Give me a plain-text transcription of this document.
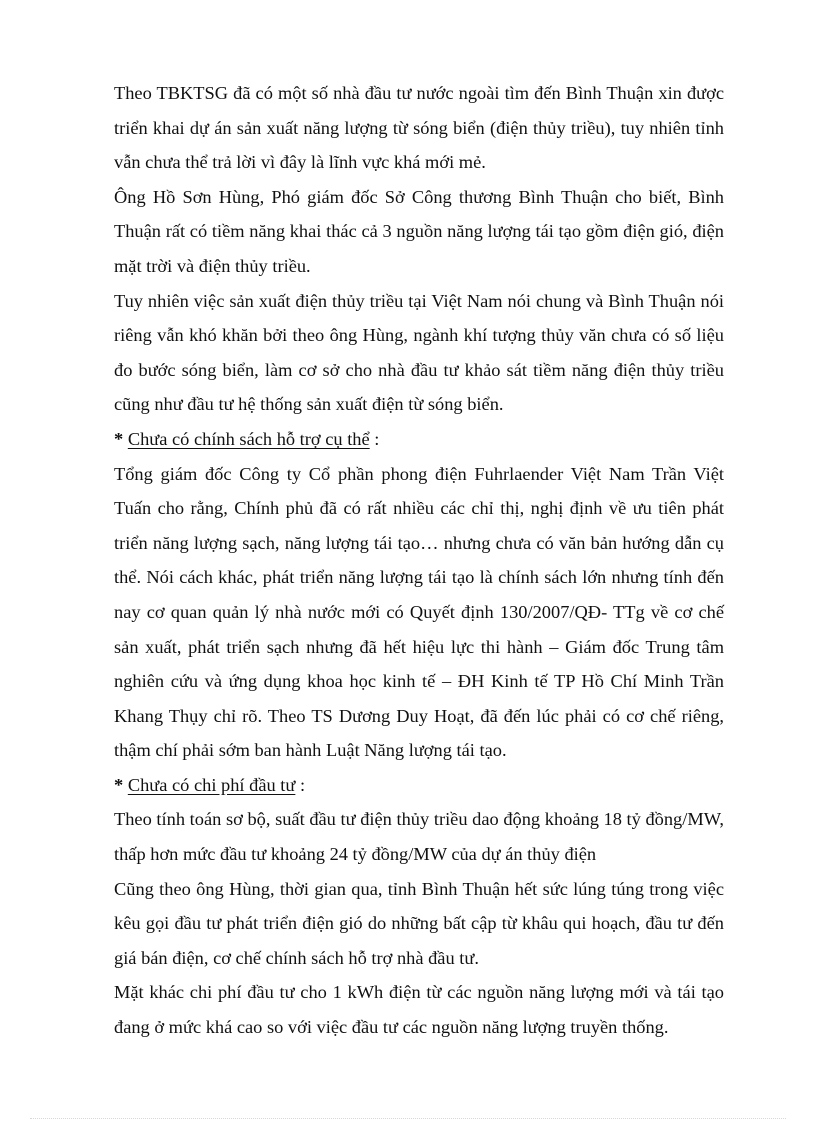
Theo TBKTSG đã có một số nhà đầu tư nước ngoài tìm đến Bình Thuận xin được triển khai dự án sản xuất năng lượng từ sóng biển (điện thủy triều), tuy nhiên tỉnh vẫn chưa thể trả lời vì đây là lĩnh vực khá mới mẻ.

Ông Hồ Sơn Hùng, Phó giám đốc Sở Công thương Bình Thuận cho biết, Bình Thuận rất có tiềm năng khai thác cả 3 nguồn năng lượng tái tạo gồm điện gió, điện mặt trời và điện thủy triều.

Tuy nhiên việc sản xuất điện thủy triều tại Việt Nam nói chung và Bình Thuận nói riêng vẫn khó khăn bởi theo ông Hùng, ngành khí tượng thủy văn chưa có số liệu đo bước sóng biển, làm cơ sở cho nhà đầu tư khảo sát tiềm năng điện thủy triều cũng như đầu tư hệ thống sản xuất điện từ sóng biển.

* Chưa có chính sách hỗ trợ cụ thể :

Tổng giám đốc Công ty Cổ phần phong điện Fuhrlaender Việt Nam Trần Việt Tuấn cho rằng, Chính phủ đã có rất nhiều các chỉ thị, nghị định về ưu tiên phát triển năng lượng sạch, năng lượng tái tạo… nhưng chưa có văn bản hướng dẫn cụ thể. Nói cách khác, phát triển năng lượng tái tạo là chính sách lớn nhưng tính đến nay cơ quan quản lý nhà nước mới có Quyết định 130/2007/QĐ- TTg về cơ chế sản xuất, phát triển sạch nhưng đã hết hiệu lực thi hành – Giám đốc Trung tâm nghiên cứu và ứng dụng khoa học kinh tế – ĐH Kinh tế TP Hồ Chí Minh Trần Khang Thụy chỉ rõ. Theo TS Dương Duy Hoạt, đã đến lúc phải có cơ chế riêng, thậm chí phải sớm ban hành Luật Năng lượng tái tạo.

* Chưa có chi phí đầu tư :

Theo tính toán sơ bộ, suất đầu tư điện thủy triều dao động khoảng 18 tỷ đồng/MW, thấp hơn mức đầu tư khoảng 24 tỷ đồng/MW của dự án thủy điện

Cũng theo ông Hùng, thời gian qua, tỉnh Bình Thuận hết sức lúng túng trong việc kêu gọi đầu tư phát triển điện gió do những bất cập từ khâu qui hoạch, đầu tư đến giá bán điện, cơ chế chính sách hỗ trợ nhà đầu tư.

Mặt khác chi phí đầu tư cho 1 kWh điện từ các nguồn năng lượng mới và tái tạo đang ở mức khá cao so với việc đầu tư các nguồn năng lượng truyền thống.
